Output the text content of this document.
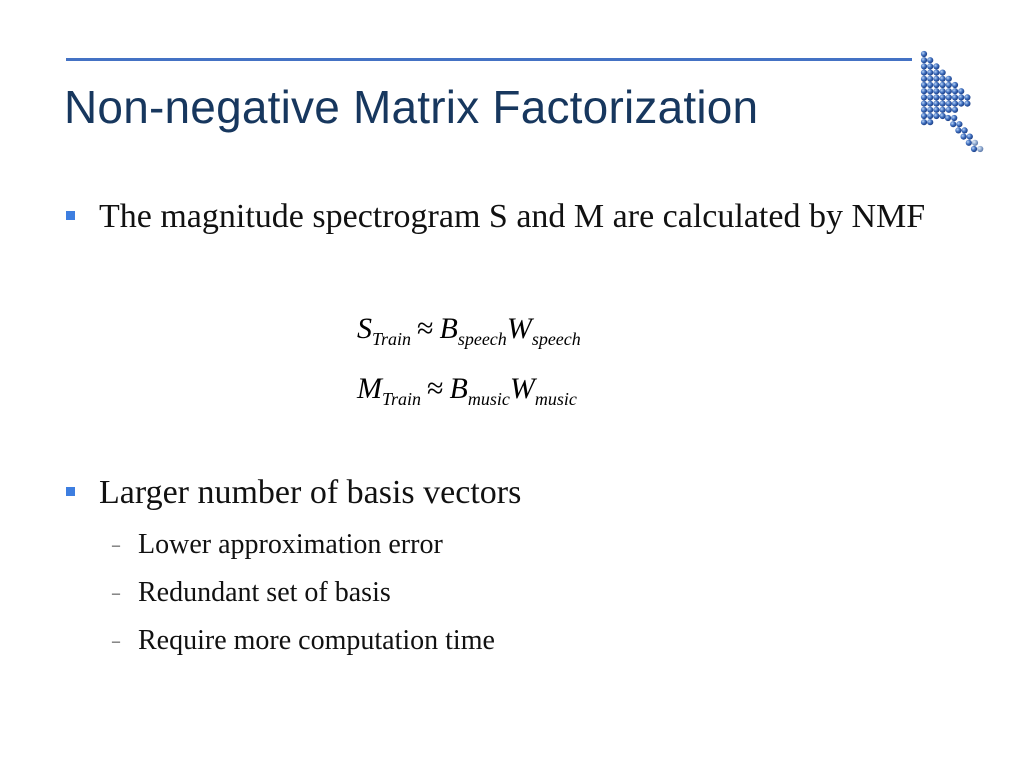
Non-negative Matrix Factorization
The magnitude spectrogram S and M are calculated by NMF
$S_{Train} \approx B_{speech}W_{speech}$
$M_{Train} \approx B_{music}W_{music}$
Larger number of basis vectors
– Lower approximation error
– Redundant set of basis
– Require more computation time
